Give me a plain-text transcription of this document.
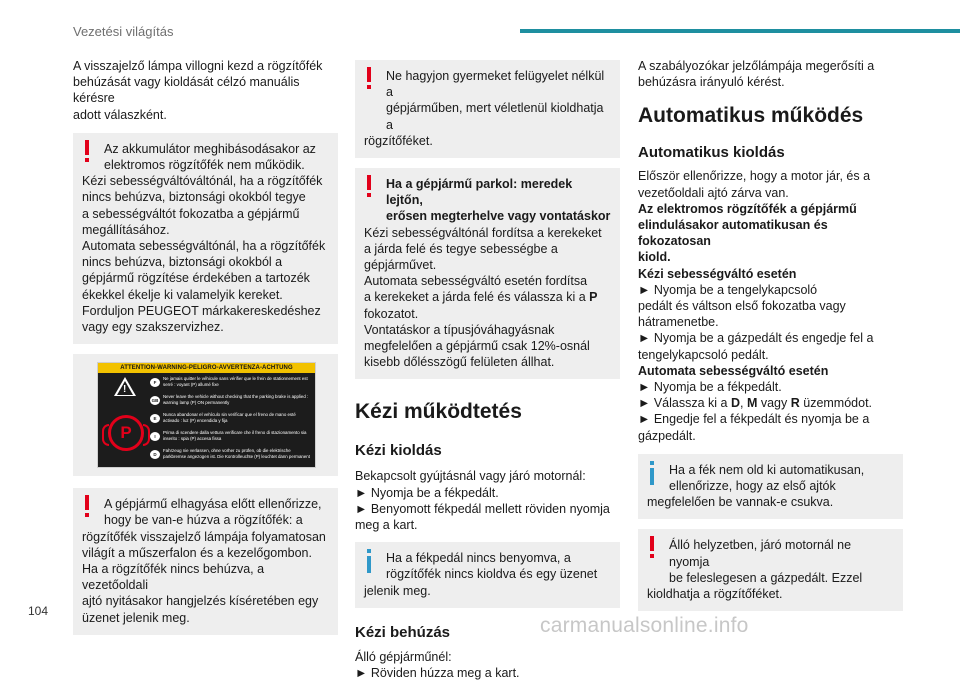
Vezetési világítás

A visszajelző lámpa villogni kezd a rögzítőfék
behúzását vagy kioldását célzó manuális kérésre
adott válaszként.

Az akkumulátor meghibásodásakor az
elektromos rögzítőfék nem működik.
Kézi sebességváltóváltónál, ha a rögzítőfék
nincs behúzva, biztonsági okokból tegye
a sebességváltót fokozatba a gépjármű
megállításához.
Automata sebességváltónál, ha a rögzítőfék
nincs behúzva, biztonsági okokból a
gépjármű rögzítése érdekében a tartozék
ékekkel ékelje ki valamelyik kereket.
Forduljon PEUGEOT márkakereskedéshez
vagy egy szakszervizhez.
ATTENTION-WARNING-PELIGRO-AVVERTENZA-ACHTUNG
!
P
F
Ne jamais quitter le véhicule sans vérifier que le frein de stationnement est serré : voyant (P) allumé fixe
GB
Never leave the vehicle without checking that the parking brake is applied : warning lamp (P) ON permanently
E
Nunca abandonar el vehículo sin verificar que el freno de mano esté activado : luz (P) encendida y fija
I
Prima di scendere dalla vettura verificare che il freno di stazionamento sia inserito : spia (P) accesa fissa
D
Fahrzeug nie verlassen, ohne vorher zu prüfen, ob die elektrische parkbremse angezogen ist. Die Kontrolleuchte (P) leuchtet dann permanent
A gépjármű elhagyása előtt ellenőrizze,
hogy be van-e húzva a rögzítőfék: a
rögzítőfék visszajelző lámpája folyamatosan
világít a műszerfalon és a kezelőgombon.
Ha a rögzítőfék nincs behúzva, a vezetőoldali
ajtó nyitásakor hangjelzés kíséretében egy
üzenet jelenik meg.
Ne hagyjon gyermeket felügyelet nélkül a
gépjárműben, mert véletlenül kioldhatja a
rögzítőféket.
Ha a gépjármű parkol: meredek lejtőn,
erősen megterhelve vagy vontatáskor
Kézi sebességváltónál fordítsa a kerekeket
a járda felé és tegye sebességbe a
gépjárművet.
Automata sebességváltó esetén fordítsa
a kerekeket a járda felé és válassza ki a P
fokozatot.
Vontatáskor a típusjóváhagyásnak
megfelelően a gépjármű csak 12%-osnál
kisebb dőlésszögű felületen állhat.
Kézi működtetés
Kézi kioldás

Bekapcsolt gyújtásnál vagy járó motornál:
► Nyomja be a fékpedált.
► Benyomott fékpedál mellett röviden nyomja
meg a kart.

Ha a fékpedál nincs benyomva, a
rögzítőfék nincs kioldva és egy üzenet
jelenik meg.
Kézi behúzás

Álló gépjárműnél:
► Röviden húzza meg a kart.

A szabályozókar jelzőlámpája megerősíti a
behúzásra irányuló kérést.

Automatikus működés
Automatikus kioldás

Először ellenőrizze, hogy a motor jár, és a
vezetőoldali ajtó zárva van.
Az elektromos rögzítőfék a gépjármű
elindulásakor automatikusan és fokozatosan
kiold.
Kézi sebességváltó esetén
► Nyomja be a tengelykapcsoló
pedált és váltson első fokozatba vagy
hátramenetbe.
► Nyomja be a gázpedált és engedje fel a
tengelykapcsoló pedált.
Automata sebességváltó esetén
► Nyomja be a fékpedált.
► Válassza ki a D, M vagy R üzemmódot.
► Engedje fel a fékpedált és nyomja be a
gázpedált.

Ha a fék nem old ki automatikusan,
ellenőrizze, hogy az első ajtók
megfelelően be vannak-e csukva.
Álló helyzetben, járó motornál ne nyomja
be feleslegesen a gázpedált. Ezzel
kioldhatja a rögzítőféket.
104
carmanualsonline.info
